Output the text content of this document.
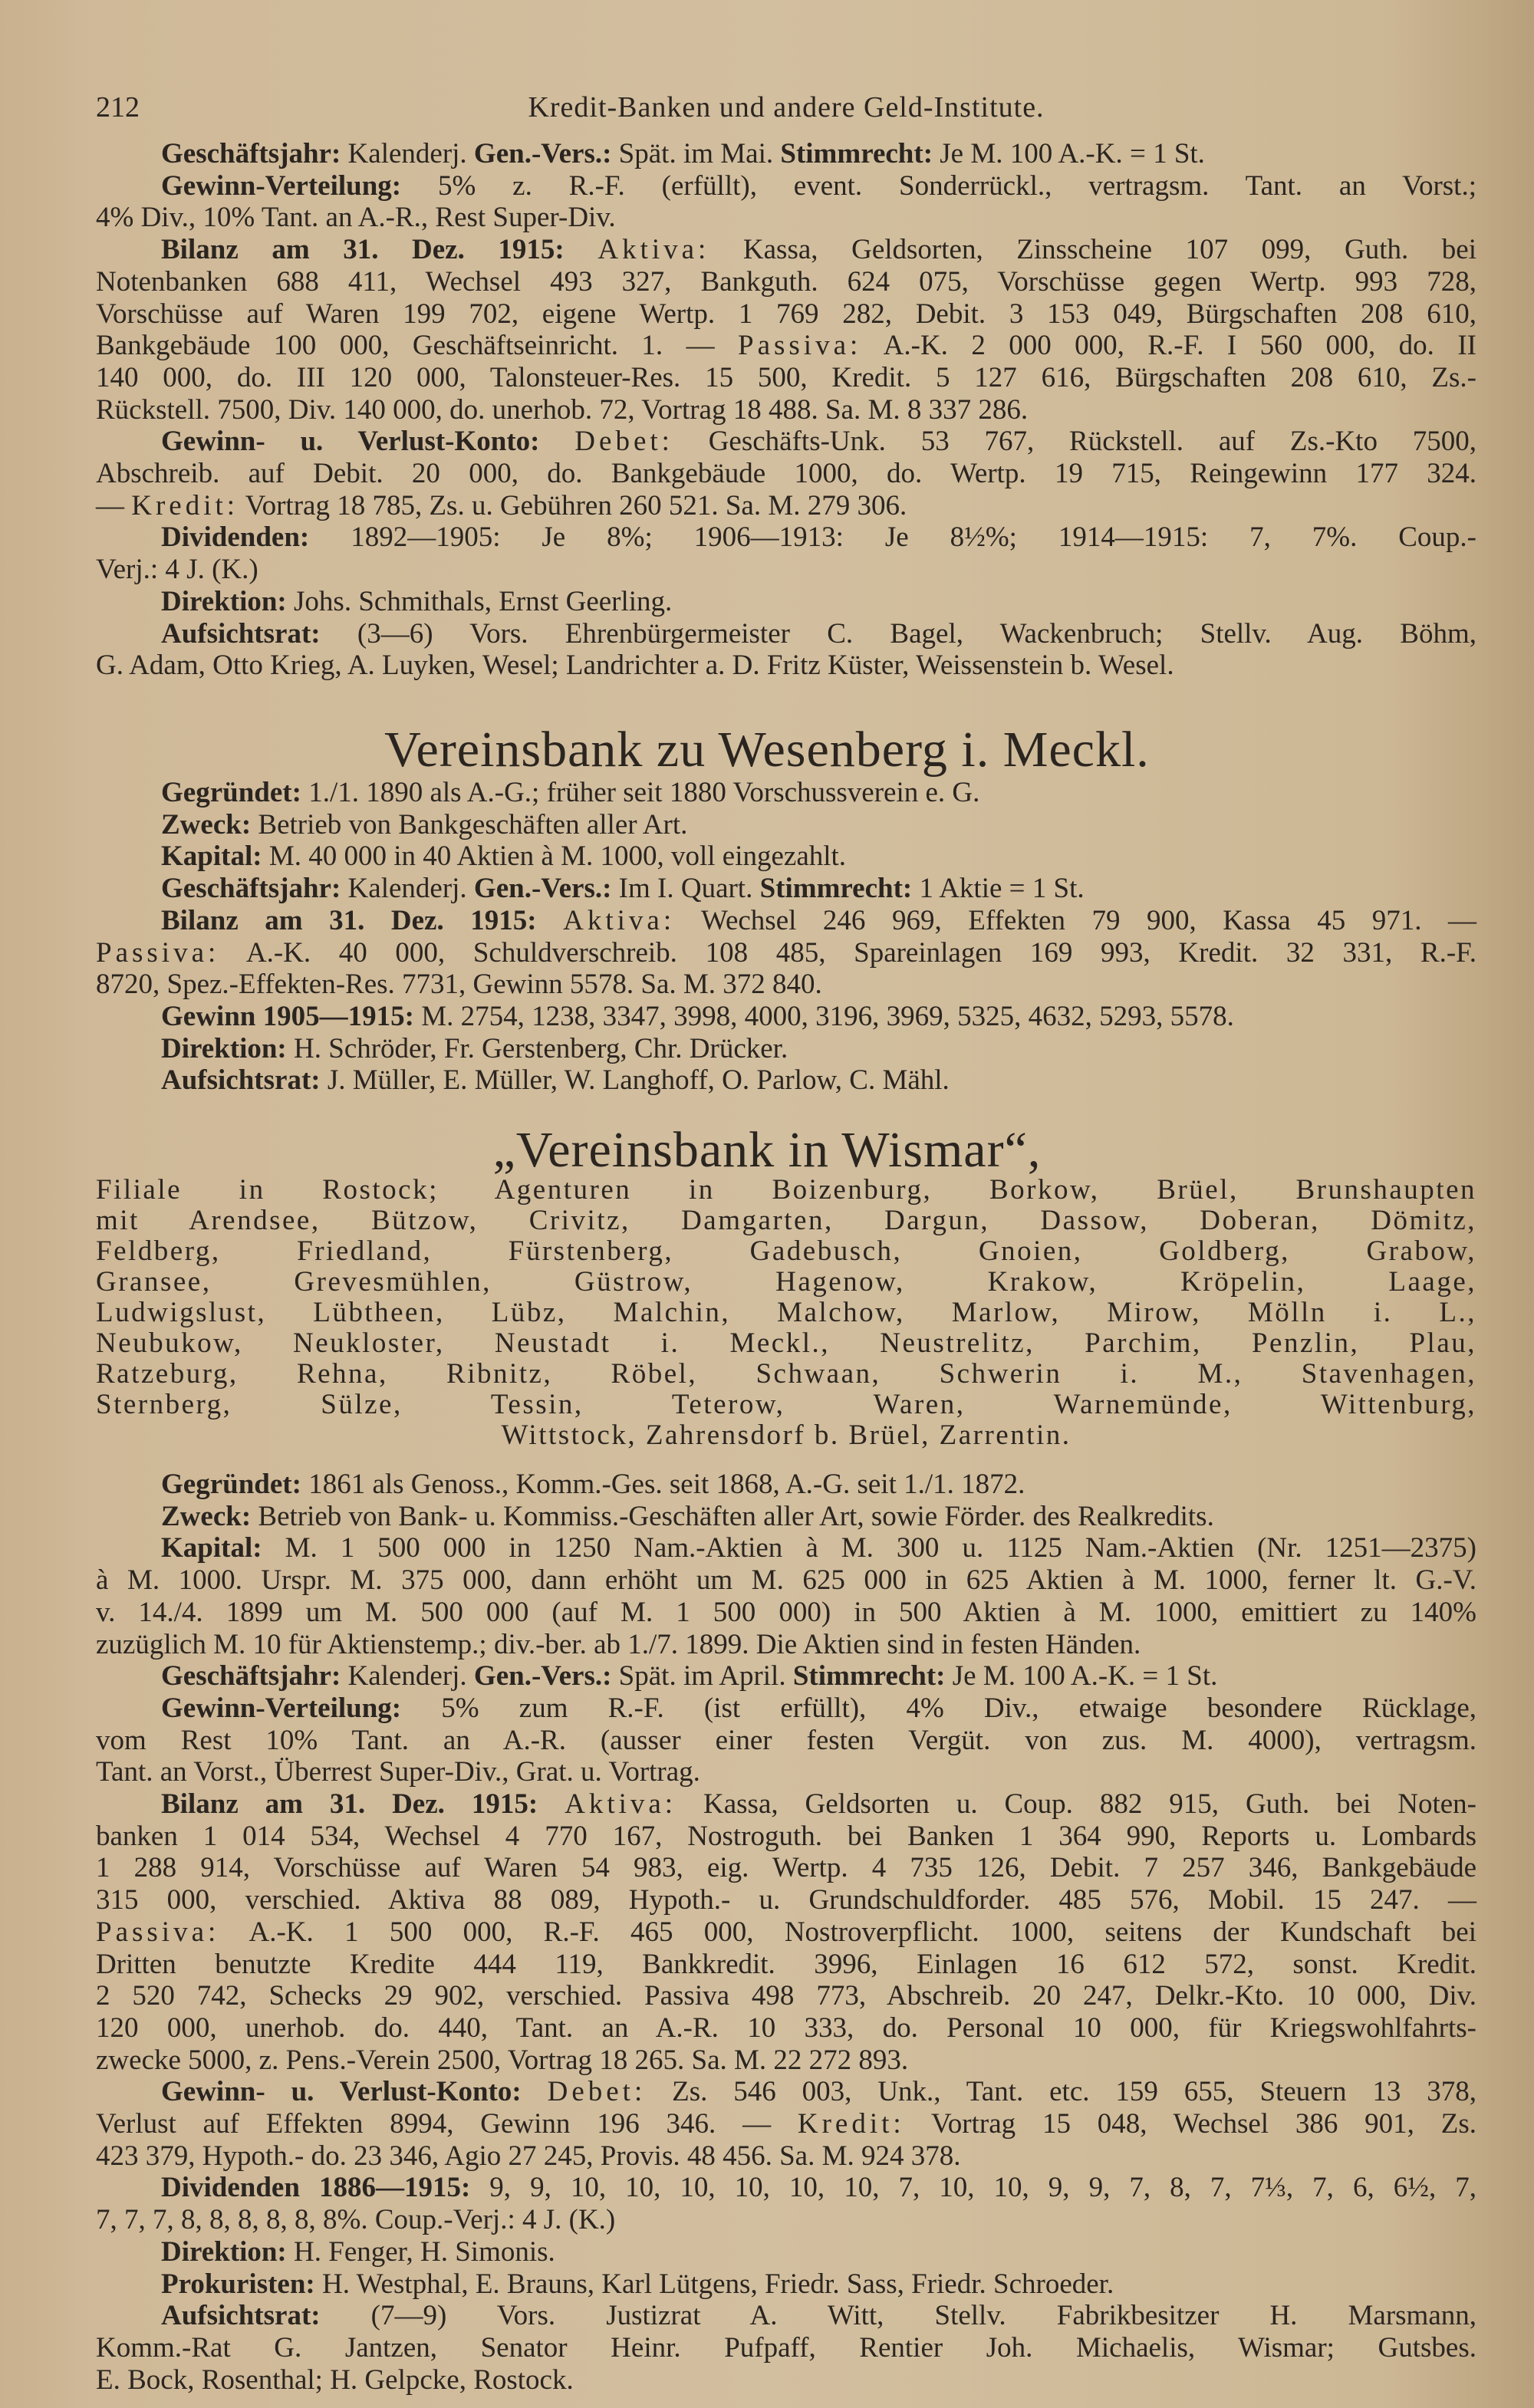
212	Kredit-Banken und andere Geld-Institute.
Geschäftsjahr: Kalenderj. Gen.-Vers.: Spät. im Mai. Stimmrecht: Je M. 100 A.-K. = 1 St.
Gewinn-Verteilung: 5% z. R.-F. (erfüllt), event. Sonderrückl., vertragsm. Tant. an Vorst.;
4% Div., 10% Tant. an A.-R., Rest Super-Div.
Bilanz am 31. Dez. 1915: Aktiva: Kassa, Geldsorten, Zinsscheine 107 099, Guth. bei
Notenbanken 688 411, Wechsel 493 327, Bankguth. 624 075, Vorschüsse gegen Wertp. 993 728,
Vorschüsse auf Waren 199 702, eigene Wertp. 1 769 282, Debit. 3 153 049, Bürgschaften 208 610,
Bankgebäude 100 000, Geschäftseinricht. 1. — Passiva: A.-K. 2 000 000, R.-F. I 560 000, do. II
140 000, do. III 120 000, Talonsteuer-Res. 15 500, Kredit. 5 127 616, Bürgschaften 208 610, Zs.-
Rückstell. 7500, Div. 140 000, do. unerhob. 72, Vortrag 18 488. Sa. M. 8 337 286.
Gewinn- u. Verlust-Konto: Debet: Geschäfts-Unk. 53 767, Rückstell. auf Zs.-Kto 7500,
Abschreib. auf Debit. 20 000, do. Bankgebäude 1000, do. Wertp. 19 715, Reingewinn 177 324.
— Kredit: Vortrag 18 785, Zs. u. Gebühren 260 521. Sa. M. 279 306.
Dividenden: 1892—1905: Je 8%; 1906—1913: Je 8½%; 1914—1915: 7, 7%. Coup.-
Verj.: 4 J. (K.)
Direktion: Johs. Schmithals, Ernst Geerling.
Aufsichtsrat: (3—6) Vors. Ehrenbürgermeister C. Bagel, Wackenbruch; Stellv. Aug. Böhm,
G. Adam, Otto Krieg, A. Luyken, Wesel; Landrichter a. D. Fritz Küster, Weissenstein b. Wesel.
Vereinsbank zu Wesenberg i. Meckl.
Gegründet: 1./1. 1890 als A.-G.; früher seit 1880 Vorschussverein e. G.
Zweck: Betrieb von Bankgeschäften aller Art.
Kapital: M. 40 000 in 40 Aktien à M. 1000, voll eingezahlt.
Geschäftsjahr: Kalenderj. Gen.-Vers.: Im I. Quart. Stimmrecht: 1 Aktie = 1 St.
Bilanz am 31. Dez. 1915: Aktiva: Wechsel 246 969, Effekten 79 900, Kassa 45 971. —
Passiva: A.-K. 40 000, Schuldverschreib. 108 485, Spareinlagen 169 993, Kredit. 32 331, R.-F.
8720, Spez.-Effekten-Res. 7731, Gewinn 5578. Sa. M. 372 840.
Gewinn 1905—1915: M. 2754, 1238, 3347, 3998, 4000, 3196, 3969, 5325, 4632, 5293, 5578.
Direktion: H. Schröder, Fr. Gerstenberg, Chr. Drücker.
Aufsichtsrat: J. Müller, E. Müller, W. Langhoff, O. Parlow, C. Mähl.
„Vereinsbank in Wismar“,
Filiale in Rostock; Agenturen in Boizenburg, Borkow, Brüel, Brunshaupten
mit Arendsee, Bützow, Crivitz, Damgarten, Dargun, Dassow, Doberan, Dömitz,
Feldberg, Friedland, Fürstenberg, Gadebusch, Gnoien, Goldberg, Grabow,
Gransee, Grevesmühlen, Güstrow, Hagenow, Krakow, Kröpelin, Laage,
Ludwigslust, Lübtheen, Lübz, Malchin, Malchow, Marlow, Mirow, Mölln i. L.,
Neubukow, Neukloster, Neustadt i. Meckl., Neustrelitz, Parchim, Penzlin, Plau,
Ratzeburg, Rehna, Ribnitz, Röbel, Schwaan, Schwerin i. M., Stavenhagen,
Sternberg, Sülze, Tessin, Teterow, Waren, Warnemünde, Wittenburg,
Wittstock, Zahrensdorf b. Brüel, Zarrentin.
Gegründet: 1861 als Genoss., Komm.-Ges. seit 1868, A.-G. seit 1./1. 1872.
Zweck: Betrieb von Bank- u. Kommiss.-Geschäften aller Art, sowie Förder. des Realkredits.
Kapital: M. 1 500 000 in 1250 Nam.-Aktien à M. 300 u. 1125 Nam.-Aktien (Nr. 1251—2375)
à M. 1000. Urspr. M. 375 000, dann erhöht um M. 625 000 in 625 Aktien à M. 1000, ferner lt. G.-V.
v. 14./4. 1899 um M. 500 000 (auf M. 1 500 000) in 500 Aktien à M. 1000, emittiert zu 140%
zuzüglich M. 10 für Aktienstemp.; div.-ber. ab 1./7. 1899. Die Aktien sind in festen Händen.
Geschäftsjahr: Kalenderj. Gen.-Vers.: Spät. im April. Stimmrecht: Je M. 100 A.-K. = 1 St.
Gewinn-Verteilung: 5% zum R.-F. (ist erfüllt), 4% Div., etwaige besondere Rücklage,
vom Rest 10% Tant. an A.-R. (ausser einer festen Vergüt. von zus. M. 4000), vertragsm.
Tant. an Vorst., Überrest Super-Div., Grat. u. Vortrag.
Bilanz am 31. Dez. 1915: Aktiva: Kassa, Geldsorten u. Coup. 882 915, Guth. bei Noten-
banken 1 014 534, Wechsel 4 770 167, Nostroguth. bei Banken 1 364 990, Reports u. Lombards
1 288 914, Vorschüsse auf Waren 54 983, eig. Wertp. 4 735 126, Debit. 7 257 346, Bankgebäude
315 000, verschied. Aktiva 88 089, Hypoth.- u. Grundschuldforder. 485 576, Mobil. 15 247. —
Passiva: A.-K. 1 500 000, R.-F. 465 000, Nostroverpflicht. 1000, seitens der Kundschaft bei
Dritten benutzte Kredite 444 119, Bankkredit. 3996, Einlagen 16 612 572, sonst. Kredit.
2 520 742, Schecks 29 902, verschied. Passiva 498 773, Abschreib. 20 247, Delkr.-Kto. 10 000, Div.
120 000, unerhob. do. 440, Tant. an A.-R. 10 333, do. Personal 10 000, für Kriegswohlfahrts-
zwecke 5000, z. Pens.-Verein 2500, Vortrag 18 265. Sa. M. 22 272 893.
Gewinn- u. Verlust-Konto: Debet: Zs. 546 003, Unk., Tant. etc. 159 655, Steuern 13 378,
Verlust auf Effekten 8994, Gewinn 196 346. — Kredit: Vortrag 15 048, Wechsel 386 901, Zs.
423 379, Hypoth.- do. 23 346, Agio 27 245, Provis. 48 456. Sa. M. 924 378.
Dividenden 1886—1915: 9, 9, 10, 10, 10, 10, 10, 10, 7, 10, 10, 9, 9, 7, 8, 7, 7⅓, 7, 6, 6½, 7,
7, 7, 7, 8, 8, 8, 8, 8, 8%. Coup.-Verj.: 4 J. (K.)
Direktion: H. Fenger, H. Simonis.
Prokuristen: H. Westphal, E. Brauns, Karl Lütgens, Friedr. Sass, Friedr. Schroeder.
Aufsichtsrat: (7—9) Vors. Justizrat A. Witt, Stellv. Fabrikbesitzer H. Marsmann,
Komm.-Rat G. Jantzen, Senator Heinr. Pufpaff, Rentier Joh. Michaelis, Wismar; Gutsbes.
E. Bock, Rosenthal; H. Gelpcke, Rostock.
